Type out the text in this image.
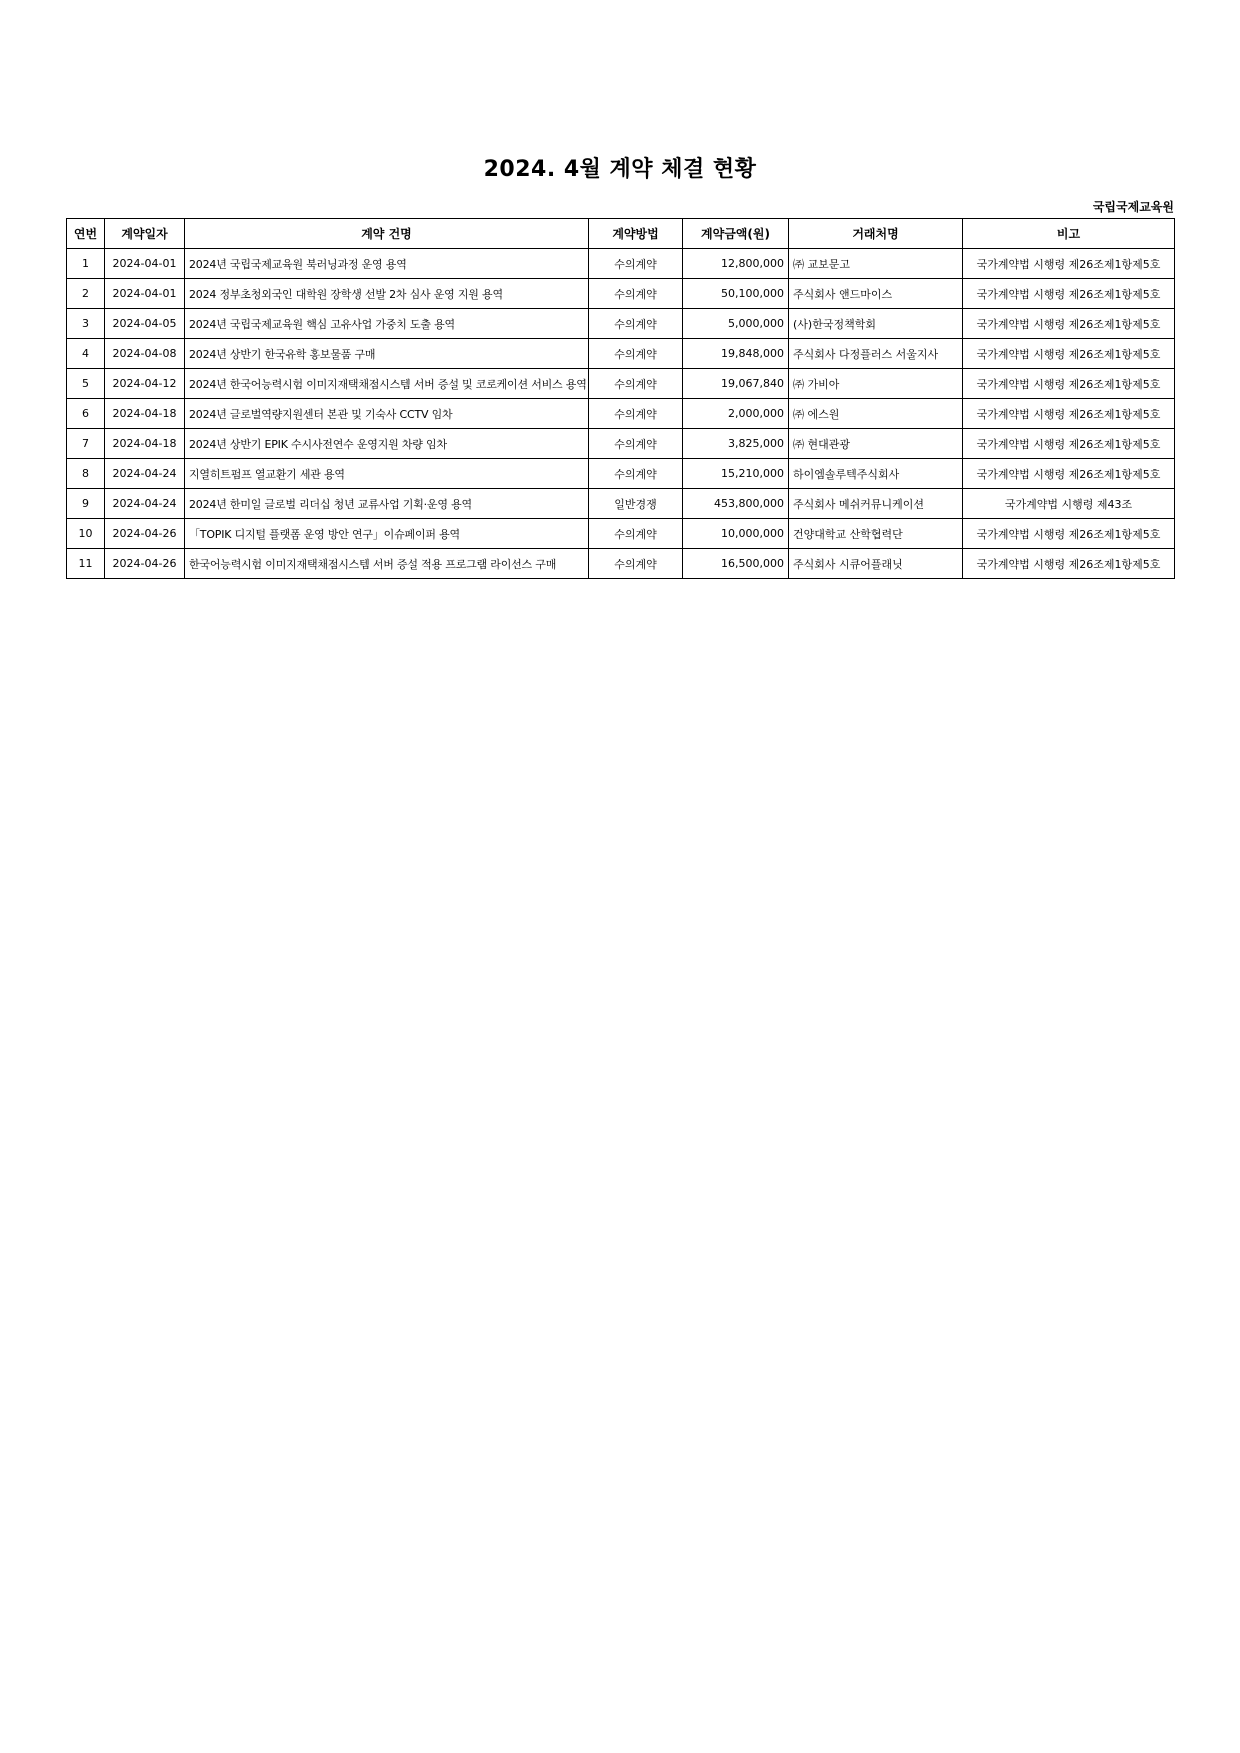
2024. 4월 계약 체결 현황
국립국제교육원
연번	계약일자	계약 건명	계약방법	계약금액(원)	거래처명	비고
1	2024-04-01	2024년 국립국제교육원 북러닝과정 운영 용역	수의계약	12,800,000	㈜ 교보문고	국가계약법 시행령 제26조제1항제5호
2	2024-04-01	2024 정부초청외국인 대학원 장학생 선발 2차 심사 운영 지원 용역	수의계약	50,100,000	주식회사 앤드마이스	국가계약법 시행령 제26조제1항제5호
3	2024-04-05	2024년 국립국제교육원 핵심 고유사업 가중치 도출 용역	수의계약	5,000,000	(사)한국정책학회	국가계약법 시행령 제26조제1항제5호
4	2024-04-08	2024년 상반기 한국유학 홍보물품 구매	수의계약	19,848,000	주식회사 다정플러스 서울지사	국가계약법 시행령 제26조제1항제5호
5	2024-04-12	2024년 한국어능력시험 이미지재택채점시스템 서버 증설 및 코로케이션 서비스 용역	수의계약	19,067,840	㈜ 가비아	국가계약법 시행령 제26조제1항제5호
6	2024-04-18	2024년 글로벌역량지원센터 본관 및 기숙사 CCTV 임차	수의계약	2,000,000	㈜ 에스원	국가계약법 시행령 제26조제1항제5호
7	2024-04-18	2024년 상반기 EPIK 수시사전연수 운영지원 차량 임차	수의계약	3,825,000	㈜ 현대관광	국가계약법 시행령 제26조제1항제5호
8	2024-04-24	지열히트펌프 열교환기 세관 용역	수의계약	15,210,000	하이엠솔루텍주식회사	국가계약법 시행령 제26조제1항제5호
9	2024-04-24	2024년 한미일 글로벌 리더십 청년 교류사업 기획·운영 용역	일반경쟁	453,800,000	주식회사 메쉬커뮤니케이션	국가계약법 시행령 제43조
10	2024-04-26	「TOPIK 디지털 플랫폼 운영 방안 연구」이슈페이퍼 용역	수의계약	10,000,000	건양대학교 산학협력단	국가계약법 시행령 제26조제1항제5호
11	2024-04-26	한국어능력시험 이미지재택채점시스템 서버 증설 적용 프로그램 라이선스 구매	수의계약	16,500,000	주식회사 시큐어플래닛	국가계약법 시행령 제26조제1항제5호
